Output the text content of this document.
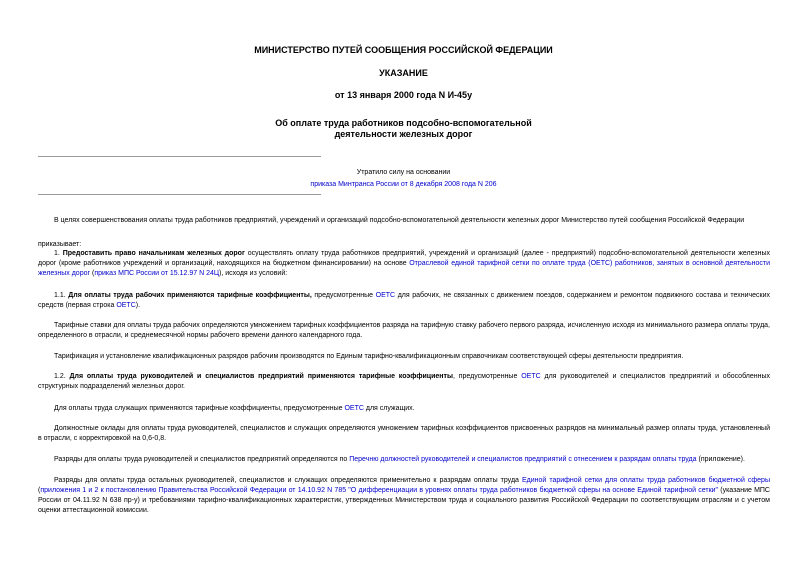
МИНИСТЕРСТВО ПУТЕЙ СООБЩЕНИЯ РОССИЙСКОЙ ФЕДЕРАЦИИ
УКАЗАНИЕ
от 13 января 2000 года N И-45у
Об оплате труда работников подсобно-вспомогательной
деятельности железных дорог
Утратило силу на основании
приказа Минтранса России от 8 декабря 2008 года N 206
В целях совершенствования оплаты труда работников предприятий, учреждений и организаций подсобно-вспомогательной деятельности железных дорог Министерство путей сообщения Российской Федерации
приказывает:
1. Предоставить право начальникам железных дорог осуществлять оплату труда работников предприятий, учреждений и организаций (далее - предприятий) подсобно-вспомогательной деятельности железных дорог (кроме работников учреждений и организаций, находящихся на бюджетном финансировании) на основе Отраслевой единой тарифной сетки по оплате труда (ОЕТС) работников, занятых в основной деятельности железных дорог (приказ МПС России от 15.12.97 N 24Ц), исходя из условий:
1.1. Для оплаты труда рабочих применяются тарифные коэффициенты, предусмотренные ОЕТС для рабочих, не связанных с движением поездов, содержанием и ремонтом подвижного состава и технических средств (первая строка ОЕТС).
Тарифные ставки для оплаты труда рабочих определяются умножением тарифных коэффициентов разряда на тарифную ставку рабочего первого разряда, исчисленную исходя из минимального размера оплаты труда, определенного в отрасли, и среднемесячной нормы рабочего времени данного календарного года.
Тарификация и установление квалификационных разрядов рабочим производятся по Единым тарифно-квалификационным справочникам соответствующей сферы деятельности предприятия.
1.2. Для оплаты труда руководителей и специалистов предприятий применяются тарифные коэффициенты, предусмотренные ОЕТС для руководителей и специалистов предприятий и обособленных структурных подразделений железных дорог.
Для оплаты труда служащих применяются тарифные коэффициенты, предусмотренные ОЕТС для служащих.
Должностные оклады для оплаты труда руководителей, специалистов и служащих определяются умножением тарифных коэффициентов присвоенных разрядов на минимальный размер оплаты труда, установленный в отрасли, с корректировкой на 0,6-0,8.
Разряды для оплаты труда руководителей и специалистов предприятий определяются по Перечню должностей руководителей и специалистов предприятий с отнесением к разрядам оплаты труда (приложение).
Разряды для оплаты труда остальных руководителей, специалистов и служащих определяются применительно к разрядам оплаты труда Единой тарифной сетки для оплаты труда работников бюджетной сферы (приложения 1 и 2 к постановлению Правительства Российской Федерации от 14.10.92 N 785 "О дифференциации в уровнях оплаты труда работников бюджетной сферы на основе Единой тарифной сетки" (указание МПС России от 04.11.92 N 638 пр-у) и требованиями тарифно-квалификационных характеристик, утвержденных Министерством труда и социального развития Российской Федерации по соответствующим отраслям и с учетом оценки аттестационной комиссии.
